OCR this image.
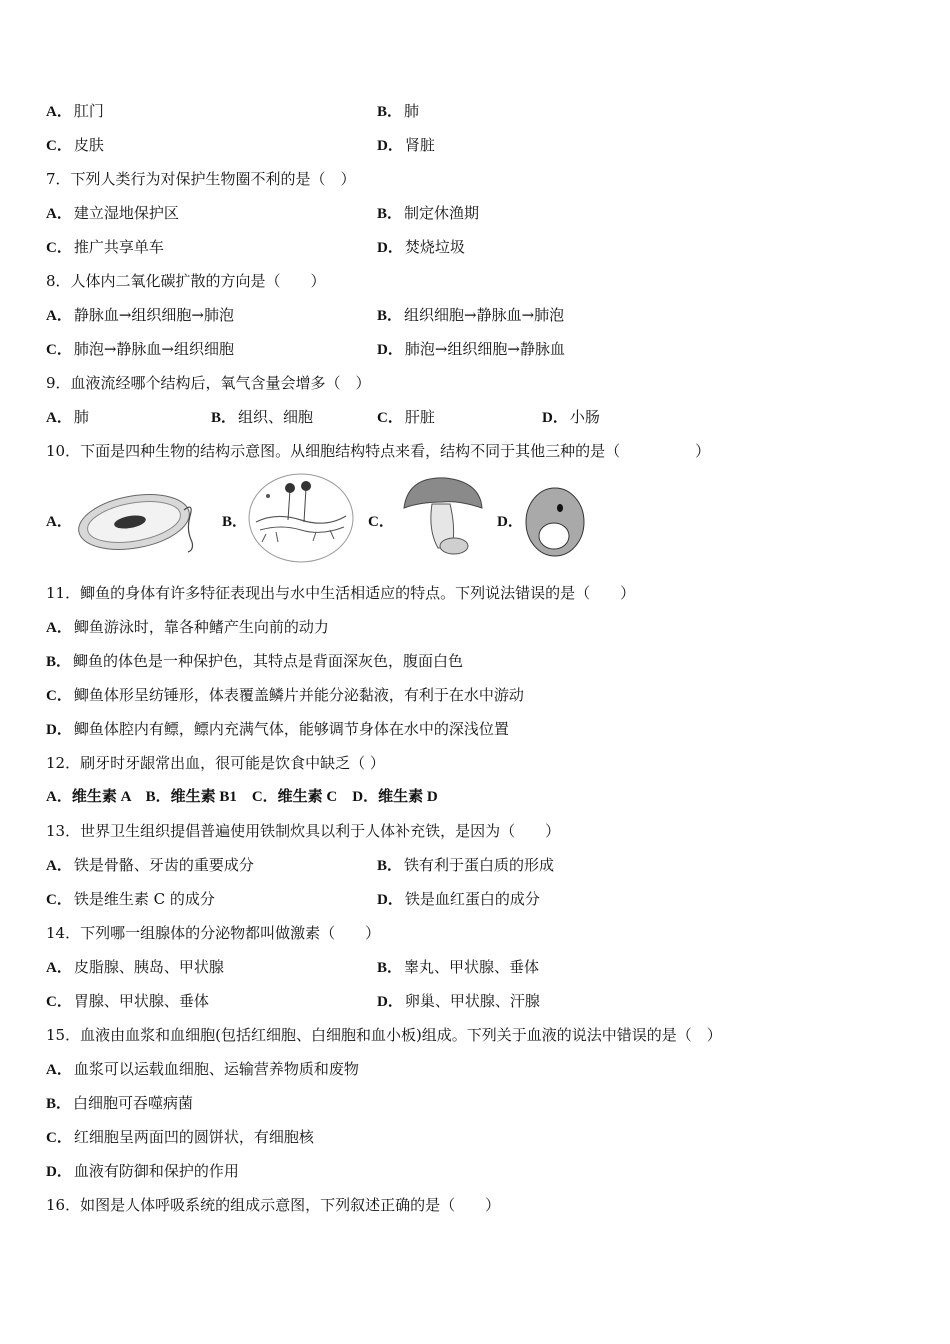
A． 肛门	B． 肺
C． 皮肤	D． 肾脏
7．下列人类行为对保护生物圈不利的是（　）
A． 建立湿地保护区	B． 制定休渔期
C． 推广共享单车	D． 焚烧垃圾
8．人体内二氧化碳扩散的方向是（　　）
A． 静脉血→组织细胞→肺泡	B． 组织细胞→静脉血→肺泡
C． 肺泡→静脉血→组织细胞	D． 肺泡→组织细胞→静脉血
9．血液流经哪个结构后，氧气含量会增多（　）
A． 肺	B． 组织、细胞	C． 肝脏	D． 小肠
10．下面是四种生物的结构示意图。从细胞结构特点来看，结构不同于其他三种的是（　　　　　）
A．	B．	C．	D．
11．鲫鱼的身体有许多特征表现出与水中生活相适应的特点。下列说法错误的是（　　）
A． 鲫鱼游泳时，靠各种鳍产生向前的动力
B． 鲫鱼的体色是一种保护色，其特点是背面深灰色，腹面白色
C． 鲫鱼体形呈纺锤形，体表覆盖鳞片并能分泌黏液，有利于在水中游动
D． 鲫鱼体腔内有鳔，鳔内充满气体，能够调节身体在水中的深浅位置
12．刷牙时牙龈常出血，很可能是饮食中缺乏（ ）
A．维生素 A　B．维生素 B1　C．维生素 C　D．维生素 D
13．世界卫生组织提倡普遍使用铁制炊具以利于人体补充铁，是因为（　　）
A． 铁是骨骼、牙齿的重要成分	B． 铁有利于蛋白质的形成
C． 铁是维生素 C 的成分	D． 铁是血红蛋白的成分
14．下列哪一组腺体的分泌物都叫做激素（　　）
A． 皮脂腺、胰岛、甲状腺	B． 睾丸、甲状腺、垂体
C． 胃腺、甲状腺、垂体	D． 卵巢、甲状腺、汗腺
15．血液由血浆和血细胞(包括红细胞、白细胞和血小板)组成。下列关于血液的说法中错误的是（　）
A． 血浆可以运载血细胞、运输营养物质和废物
B． 白细胞可吞噬病菌
C． 红细胞呈两面凹的圆饼状，有细胞核
D． 血液有防御和保护的作用
16．如图是人体呼吸系统的组成示意图，下列叙述正确的是（　　）
